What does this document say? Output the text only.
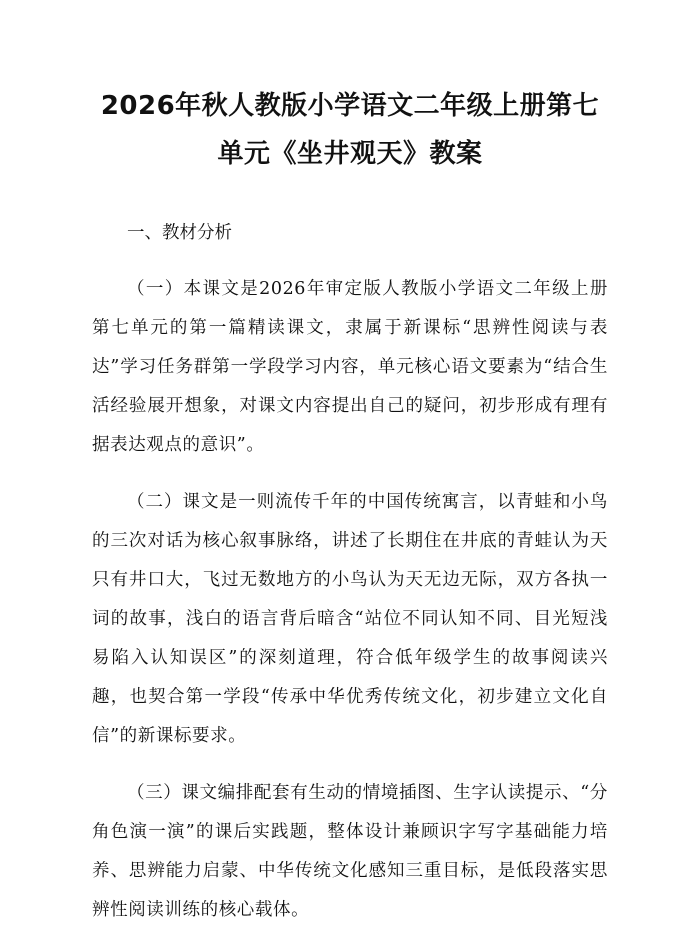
2026年秋人教版小学语文二年级上册第七单元《坐井观天》教案

一、教材分析

（一）本课文是2026年审定版人教版小学语文二年级上册第七单元的第一篇精读课文，隶属于新课标“思辨性阅读与表达”学习任务群第一学段学习内容，单元核心语文要素为“结合生活经验展开想象，对课文内容提出自己的疑问，初步形成有理有据表达观点的意识”。

（二）课文是一则流传千年的中国传统寓言，以青蛙和小鸟的三次对话为核心叙事脉络，讲述了长期住在井底的青蛙认为天只有井口大，飞过无数地方的小鸟认为天无边无际，双方各执一词的故事，浅白的语言背后暗含“站位不同认知不同、目光短浅易陷入认知误区”的深刻道理，符合低年级学生的故事阅读兴趣，也契合第一学段“传承中华优秀传统文化，初步建立文化自信”的新课标要求。

（三）课文编排配套有生动的情境插图、生字认读提示、“分角色演一演”的课后实践题，整体设计兼顾识字写字基础能力培养、思辨能力启蒙、中华传统文化感知三重目标，是低段落实思辨性阅读训练的核心载体。
